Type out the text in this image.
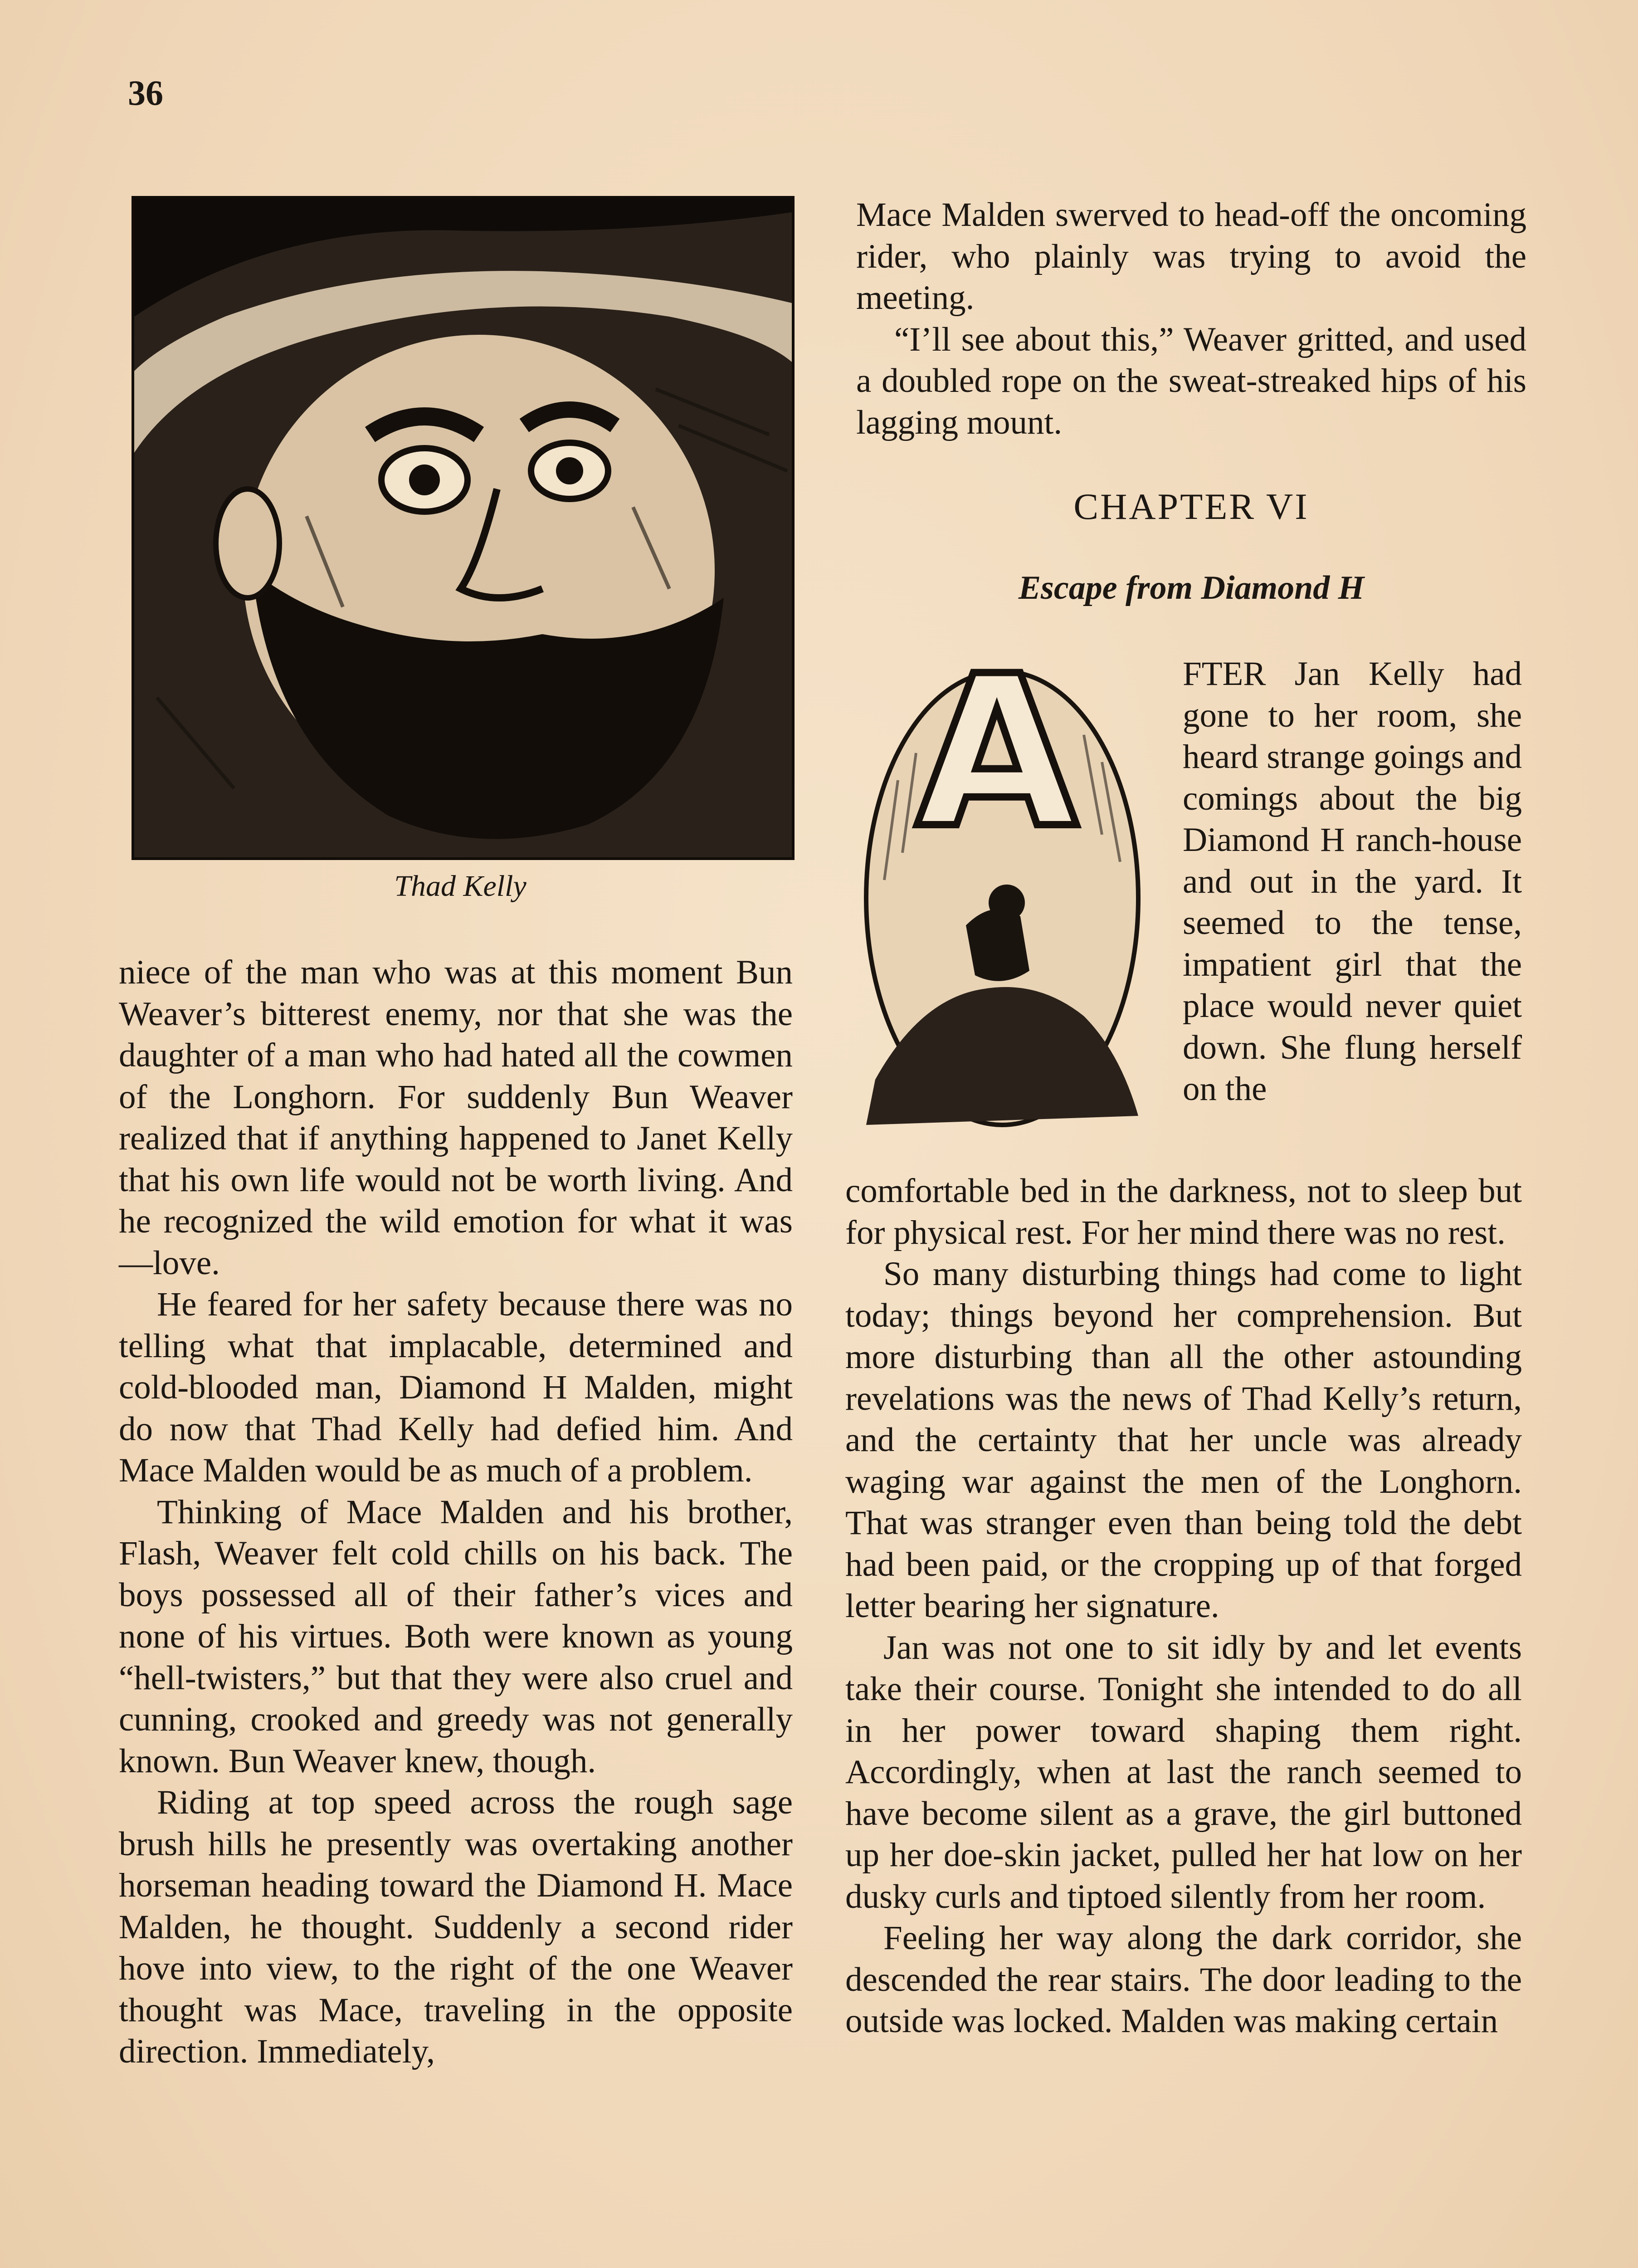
36
Thad Kelly

Mace Malden swerved to head-off the oncoming rider, who plainly was trying to avoid the meeting.

“I’ll see about this,” Weaver gritted, and used a doubled rope on the sweat-streaked hips of his lagging mount.

CHAPTER VI
Escape from Diamond H
A	FTER Jan Kelly had gone to her room, she heard strange goings and comings about the big Diamond H ranch-house and out in the yard. It seemed to the tense, impatient girl that the place would never quiet down. She flung herself on the

comfortable bed in the darkness, not to sleep but for physical rest. For her mind there was no rest.

So many disturbing things had come to light today; things beyond her comprehension. But more disturbing than all the other astounding revelations was the news of Thad Kelly’s return, and the certainty that her uncle was already waging war against the men of the Longhorn. That was stranger even than being told the debt had been paid, or the cropping up of that forged letter bearing her signature.

Jan was not one to sit idly by and let events take their course. Tonight she intended to do all in her power toward shaping them right. Accordingly, when at last the ranch seemed to have become silent as a grave, the girl buttoned up her doe-skin jacket, pulled her hat low on her dusky curls and tiptoed silently from her room.

Feeling her way along the dark corridor, she descended the rear stairs. The door leading to the outside was locked. Malden was making certain

niece of the man who was at this moment Bun Weaver’s bitterest enemy, nor that she was the daughter of a man who had hated all the cowmen of the Longhorn. For suddenly Bun Weaver realized that if anything happened to Janet Kelly that his own life would not be worth living. And he recognized the wild emotion for what it was—love.

He feared for her safety because there was no telling what that implacable, determined and cold-blooded man, Diamond H Malden, might do now that Thad Kelly had defied him. And Mace Malden would be as much of a problem.

Thinking of Mace Malden and his brother, Flash, Weaver felt cold chills on his back. The boys possessed all of their father’s vices and none of his virtues. Both were known as young “hell-twisters,” but that they were also cruel and cunning, crooked and greedy was not generally known. Bun Weaver knew, though.

Riding at top speed across the rough sage brush hills he presently was overtaking another horseman heading toward the Diamond H. Mace Malden, he thought. Suddenly a second rider hove into view, to the right of the one Weaver thought was Mace, traveling in the opposite direction. Immediately,
